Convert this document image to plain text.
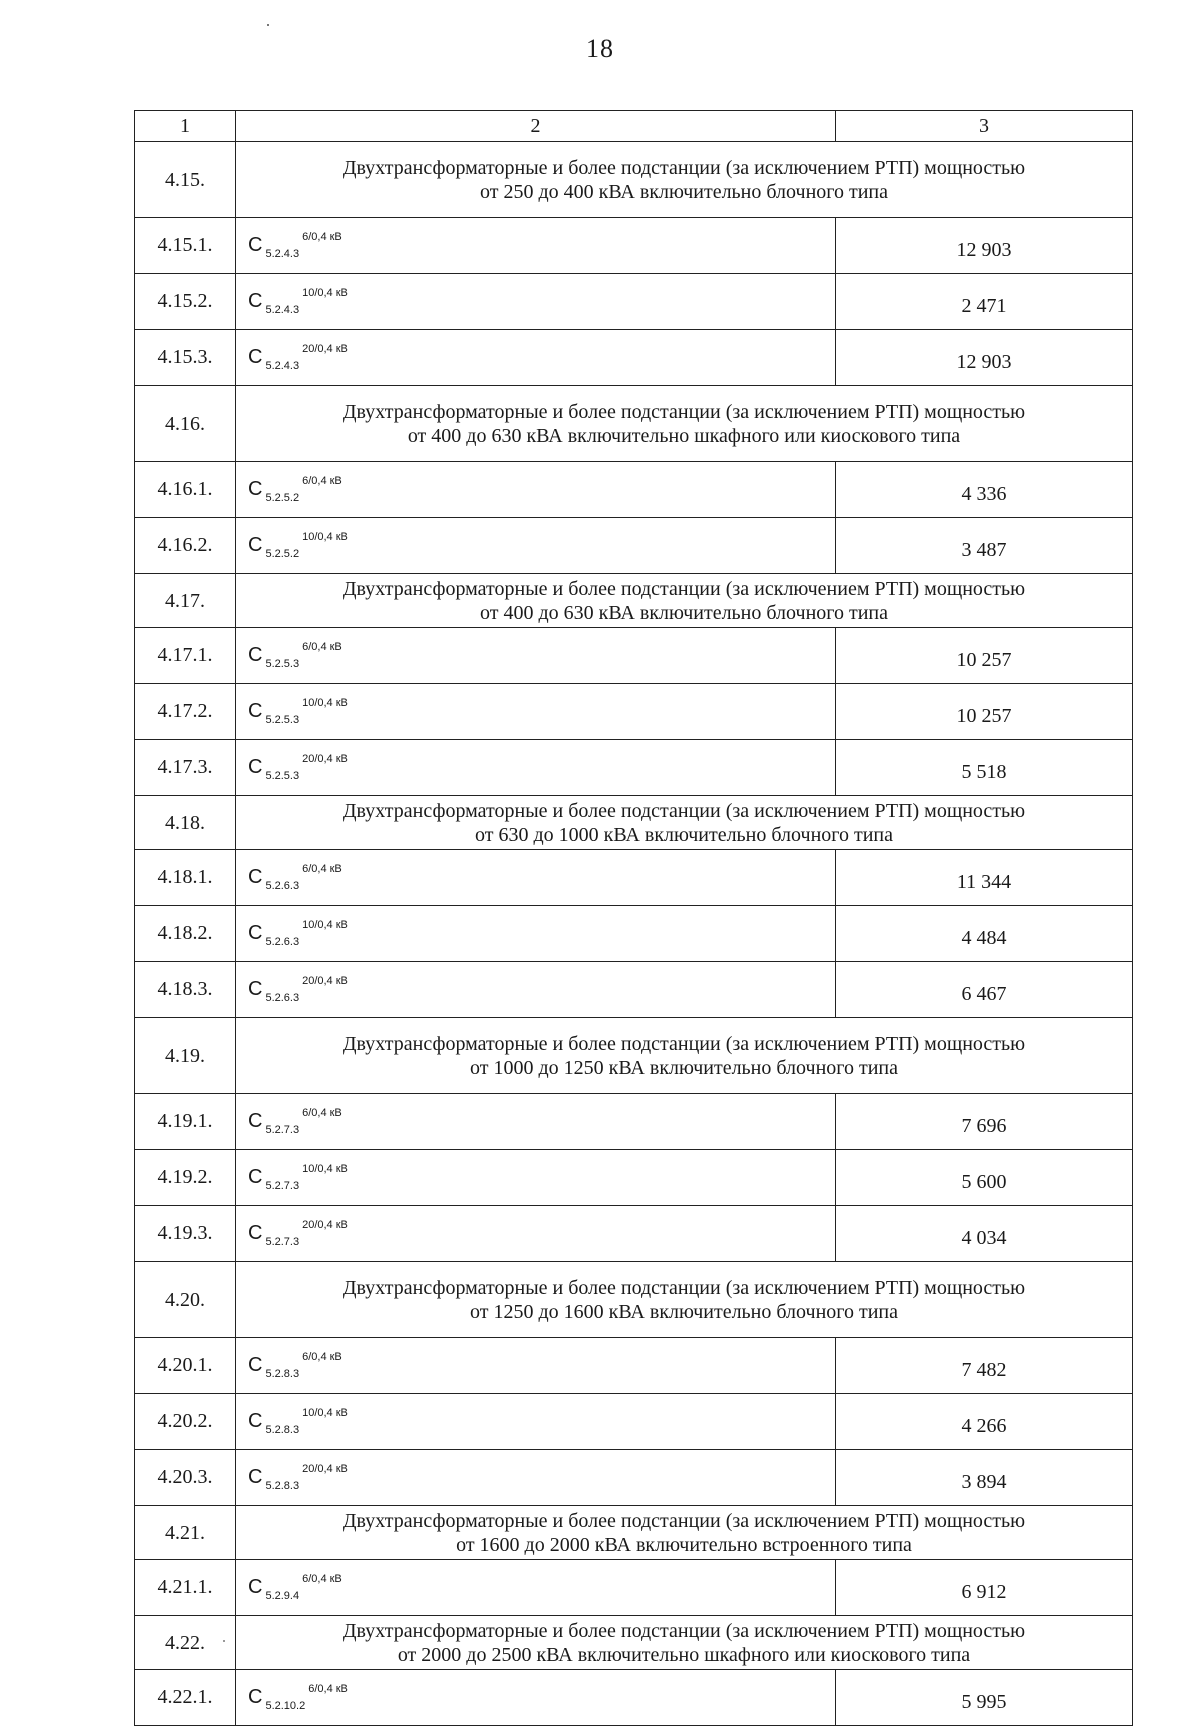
18
1	2	3
4.15.	Двухтрансформаторные и более подстанции (за исключением РТП) мощностью
от 250 до 400 кВА включительно блочного типа	

4.15.1.	С $_{5.2.4.3}^{6/0,4 кВ}$	12 903
4.15.2.	С $_{5.2.4.3}^{10/0,4 кВ}$	2 471
4.15.3.	С $_{5.2.4.3}^{20/0,4 кВ}$	12 903
4.16.	Двухтрансформаторные и более подстанции (за исключением РТП) мощностью
от 400 до 630 кВА включительно шкафного или киоскового типа	

4.16.1.	С $_{5.2.5.2}^{6/0,4 кВ}$	4 336
4.16.2.	С $_{5.2.5.2}^{10/0,4 кВ}$	3 487
4.17.	Двухтрансформаторные и более подстанции (за исключением РТП) мощностью
от 400 до 630 кВА включительно блочного типа	

4.17.1.	С $_{5.2.5.3}^{6/0,4 кВ}$	10 257
4.17.2.	С $_{5.2.5.3}^{10/0,4 кВ}$	10 257
4.17.3.	С $_{5.2.5.3}^{20/0,4 кВ}$	5 518
4.18.	Двухтрансформаторные и более подстанции (за исключением РТП) мощностью
от 630 до 1000 кВА включительно блочного типа	

4.18.1.	С $_{5.2.6.3}^{6/0,4 кВ}$	11 344
4.18.2.	С $_{5.2.6.3}^{10/0,4 кВ}$	4 484
4.18.3.	С $_{5.2.6.3}^{20/0,4 кВ}$	6 467
4.19.	Двухтрансформаторные и более подстанции (за исключением РТП) мощностью
от 1000 до 1250 кВА включительно блочного типа	

4.19.1.	С $_{5.2.7.3}^{6/0,4 кВ}$	7 696
4.19.2.	С $_{5.2.7.3}^{10/0,4 кВ}$	5 600
4.19.3.	С $_{5.2.7.3}^{20/0,4 кВ}$	4 034
4.20.	Двухтрансформаторные и более подстанции (за исключением РТП) мощностью
от 1250 до 1600 кВА включительно блочного типа	

4.20.1.	С $_{5.2.8.3}^{6/0,4 кВ}$	7 482
4.20.2.	С $_{5.2.8.3}^{10/0,4 кВ}$	4 266
4.20.3.	С $_{5.2.8.3}^{20/0,4 кВ}$	3 894
4.21.	Двухтрансформаторные и более подстанции (за исключением РТП) мощностью
от 1600 до 2000 кВА включительно встроенного типа	

4.21.1.	С $_{5.2.9.4}^{6/0,4 кВ}$	6 912
4.22.	Двухтрансформаторные и более подстанции (за исключением РТП) мощностью
от 2000 до 2500 кВА включительно шкафного или киоскового типа	

4.22.1.	С $_{5.2.10.2}^{6/0,4 кВ}$	5 995
